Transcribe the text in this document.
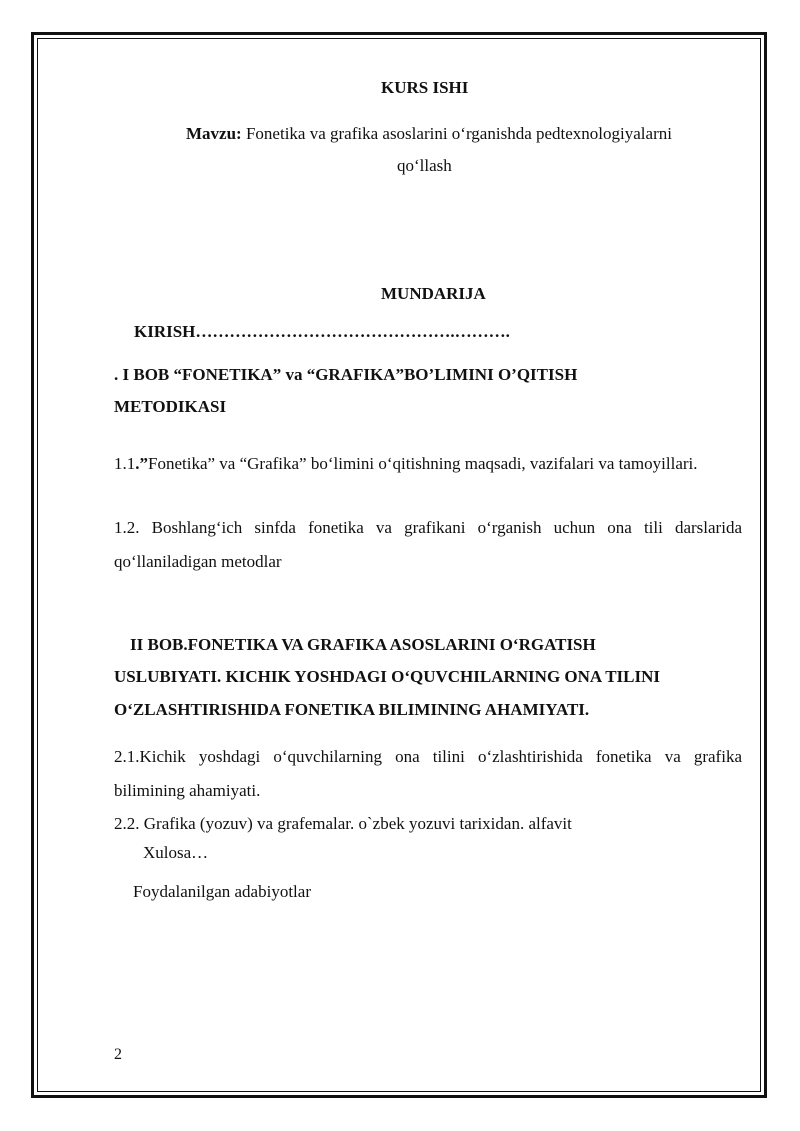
KURS ISHI
Mavzu: Fonetika va grafika asoslarini o‘rganishda pedtexnologiyalarni
qo‘llash
MUNDARIJA
KIRISH……………………………………….……….
. I BOB “FONETIKA” va “GRAFIKA”BO’LIMINI O’QITISH
METODIKASI
1.1.”Fonetika” va “Grafika” bo‘limini o‘qitishning maqsadi, vazifalari va tamoyillari.
1.2. Boshlang‘ich sinfda fonetika va grafikani o‘rganish uchun ona tili darslarida qo‘llaniladigan metodlar
II BOB.FONETIKA VA GRAFIKA ASOSLARINI O‘RGATISH
USLUBIYATI. KICHIK YOSHDAGI O‘QUVCHILARNING ONA TILINI
O‘ZLASHTIRISHIDA FONETIKA BILIMINING AHAMIYATI.
2.1.Kichik yoshdagi o‘quvchilarning ona tilini o‘zlashtirishida fonetika va grafika bilimining ahamiyati.
2.2. Grafika (yozuv) va grafemalar. o`zbek yozuvi tarixidan. alfavit
Xulosa…
Foydalanilgan adabiyotlar
2
